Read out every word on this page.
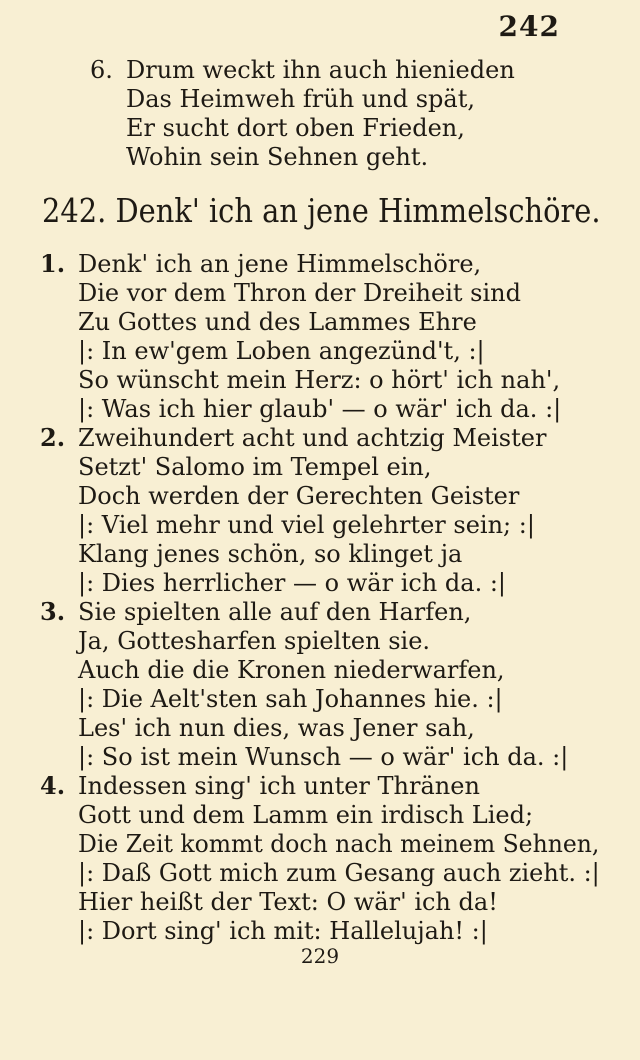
242
6. Drum weckt ihn auch hienieden
Das Heimweh früh und spät,
Er sucht dort oben Frieden,
Wohin sein Sehnen geht.
242. Denk' ich an jene Himmelschöre.
1. Denk' ich an jene Himmelschöre,
Die vor dem Thron der Dreiheit sind
Zu Gottes und des Lammes Ehre
|: In ew'gem Loben angezünd't, :|
So wünscht mein Herz: o hört' ich nah',
|: Was ich hier glaub' — o wär' ich da. :|
2. Zweihundert acht und achtzig Meister
Setzt' Salomo im Tempel ein,
Doch werden der Gerechten Geister
|: Viel mehr und viel gelehrter sein; :|
Klang jenes schön, so klinget ja
|: Dies herrlicher — o wär ich da. :|
3. Sie spielten alle auf den Harfen,
Ja, Gottesharfen spielten sie.
Auch die die Kronen niederwarfen,
|: Die Aelt'sten sah Johannes hie. :|
Les' ich nun dies, was Jener sah,
|: So ist mein Wunsch — o wär' ich da. :|
4. Indessen sing' ich unter Thränen
Gott und dem Lamm ein irdisch Lied;
Die Zeit kommt doch nach meinem Sehnen,
|: Daß Gott mich zum Gesang auch zieht. :|
Hier heißt der Text: O wär' ich da!
|: Dort sing' ich mit: Hallelujah! :|
229
